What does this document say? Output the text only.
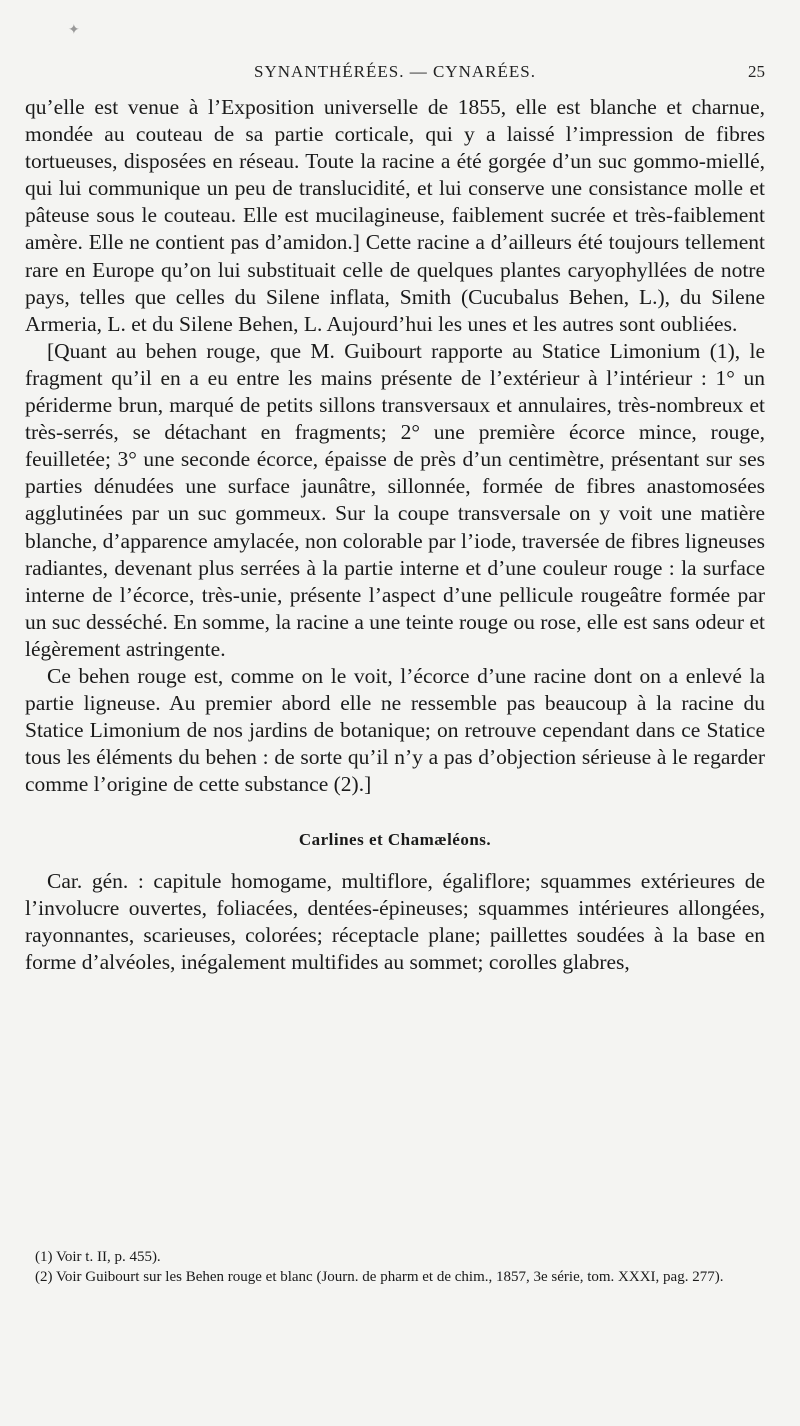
✦
SYNANTHÉRÉES. — CYNARÉES.	25

qu’elle est venue à l’Exposition universelle de 1855, elle est blanche et charnue, mondée au couteau de sa partie corticale, qui y a laissé l’impression de fibres tortueuses, disposées en réseau. Toute la racine a été gorgée d’un suc gommo-miellé, qui lui communique un peu de translucidité, et lui conserve une consistance molle et pâteuse sous le couteau. Elle est mucilagineuse, faiblement sucrée et très-faiblement amère. Elle ne contient pas d’amidon.] Cette racine a d’ailleurs été toujours tellement rare en Europe qu’on lui substituait celle de quelques plantes caryophyllées de notre pays, telles que celles du Silene inflata, Smith (Cucubalus Behen, L.), du Silene Armeria, L. et du Silene Behen, L. Aujourd’hui les unes et les autres sont oubliées.

[Quant au behen rouge, que M. Guibourt rapporte au Statice Limonium (1), le fragment qu’il en a eu entre les mains présente de l’extérieur à l’intérieur : 1° un périderme brun, marqué de petits sillons transversaux et annulaires, très-nombreux et très-serrés, se détachant en fragments; 2° une première écorce mince, rouge, feuilletée; 3° une seconde écorce, épaisse de près d’un centimètre, présentant sur ses parties dénudées une surface jaunâtre, sillonnée, formée de fibres anastomosées agglutinées par un suc gommeux. Sur la coupe transversale on y voit une matière blanche, d’apparence amylacée, non colorable par l’iode, traversée de fibres ligneuses radiantes, devenant plus serrées à la partie interne et d’une couleur rouge : la surface interne de l’écorce, très-unie, présente l’aspect d’une pellicule rougeâtre formée par un suc desséché. En somme, la racine a une teinte rouge ou rose, elle est sans odeur et légèrement astringente.

Ce behen rouge est, comme on le voit, l’écorce d’une racine dont on a enlevé la partie ligneuse. Au premier abord elle ne ressemble pas beaucoup à la racine du Statice Limonium de nos jardins de botanique; on retrouve cependant dans ce Statice tous les éléments du behen : de sorte qu’il n’y a pas d’objection sérieuse à le regarder comme l’origine de cette substance (2).]

Carlines et Chamæléons.

Car. gén. : capitule homogame, multiflore, égaliflore; squammes extérieures de l’involucre ouvertes, foliacées, dentées-épineuses; squammes intérieures allongées, rayonnantes, scarieuses, colorées; réceptacle plane; paillettes soudées à la base en forme d’alvéoles, inégalement multifides au sommet; corolles glabres,

(1) Voir t. II, p. 455).

(2) Voir Guibourt sur les Behen rouge et blanc (Journ. de pharm et de chim., 1857, 3e série, tom. XXXI, pag. 277).
